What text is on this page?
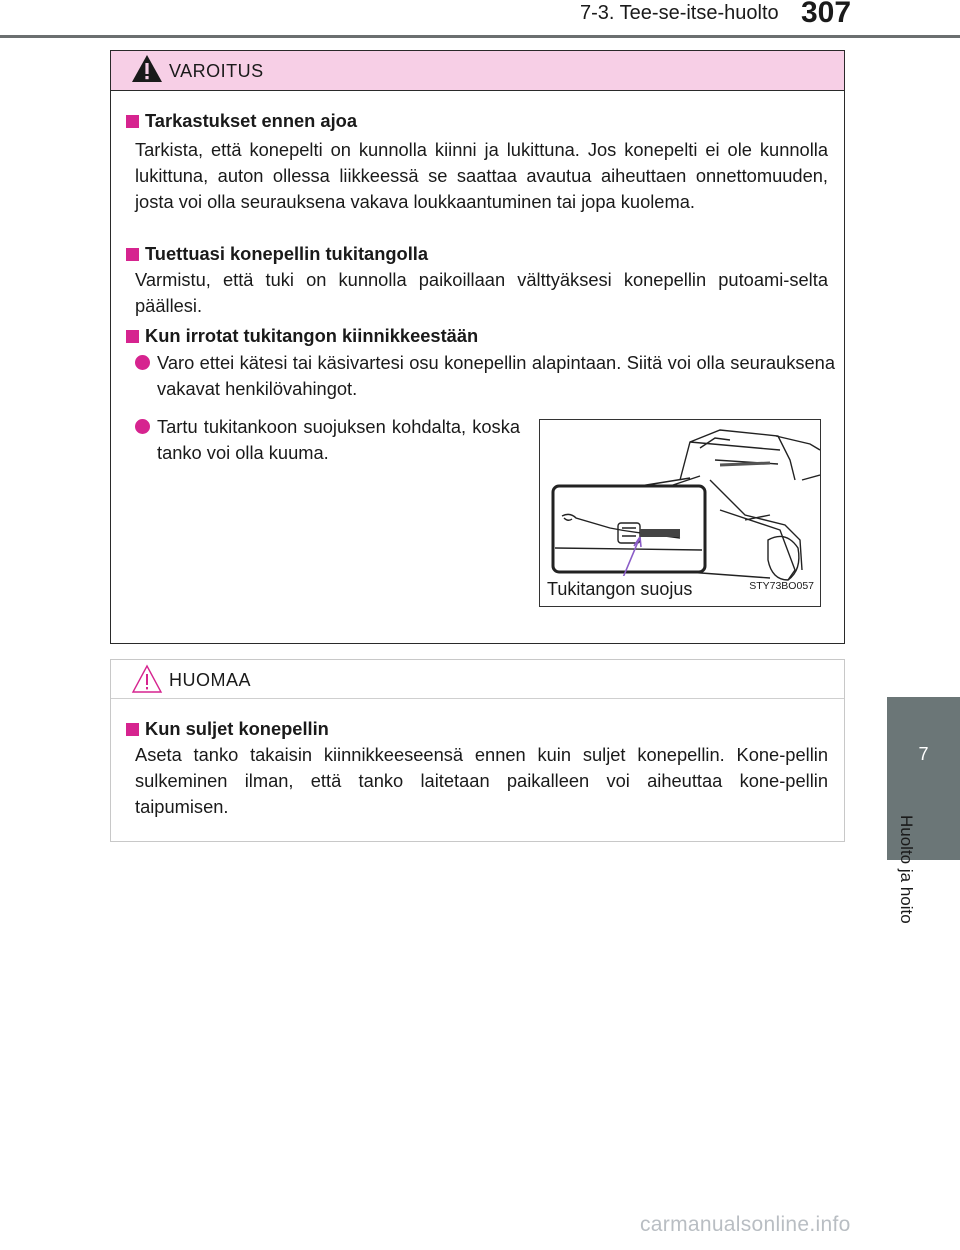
7-3. Tee-se-itse-huolto 307
7
Huolto ja hoito
VAROITUS
Tarkastukset ennen ajoa
Tarkista, että konepelti on kunnolla kiinni ja lukittuna. Jos konepelti ei ole kunnolla lukittuna, auton ollessa liikkeessä se saattaa avautua aiheuttaen onnettomuuden, josta voi olla seurauksena vakava loukkaantuminen tai jopa kuolema.
Tuettuasi konepellin tukitangolla
Varmistu, että tuki on kunnolla paikoillaan välttyäksesi konepellin putoami-selta päällesi.
Kun irrotat tukitangon kiinnikkeestään
Varo ettei kätesi tai käsivartesi osu konepellin alapintaan. Siitä voi olla seurauksena vakavat henkilövahingot.
Tartu tukitankoon suojuksen kohdalta, koska tanko voi olla kuuma.
Tukitangon suojus	STY73BO057
HUOMAA
Kun suljet konepellin
Aseta tanko takaisin kiinnikkeeseensä ennen kuin suljet konepellin. Kone-pellin sulkeminen ilman, että tanko laitetaan paikalleen voi aiheuttaa kone-pellin taipumisen.
carmanualsonline.info
